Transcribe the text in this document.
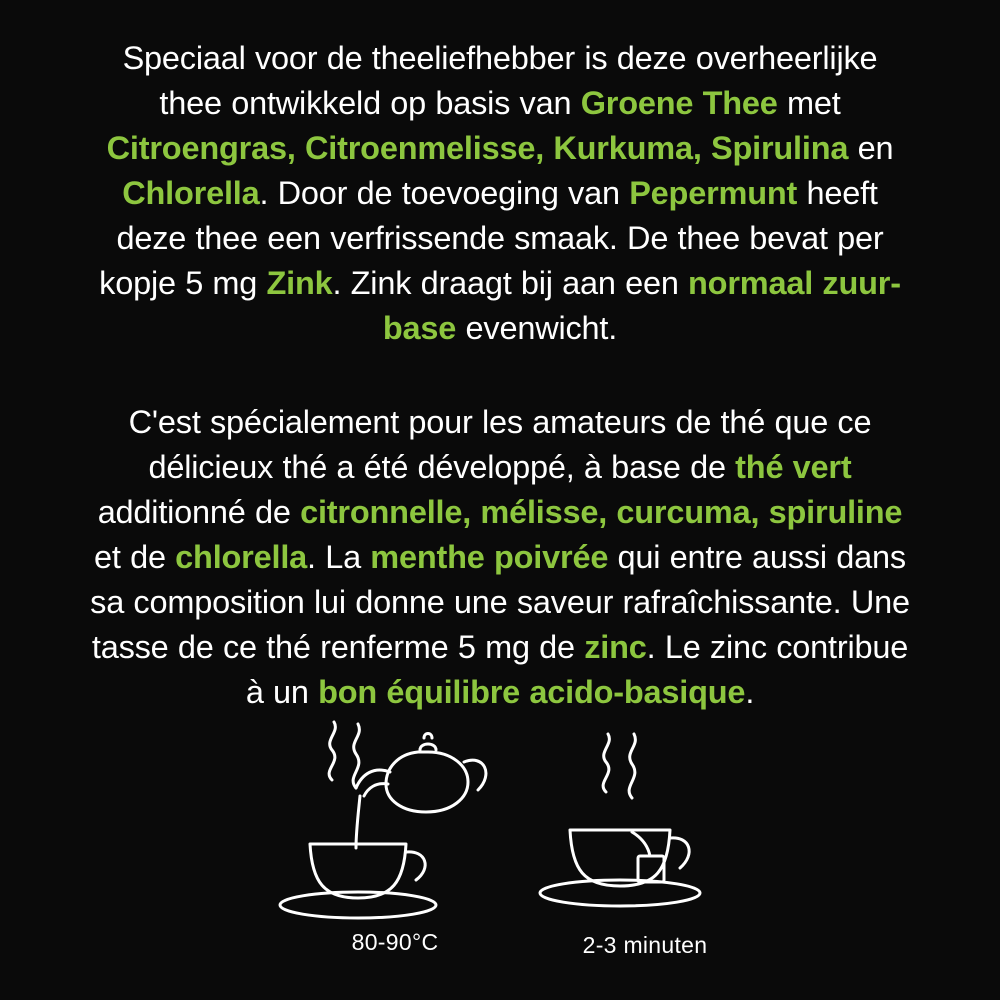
Speciaal voor de theeliefhebber is deze overheerlijke thee ontwikkeld op basis van Groene Thee met Citroengras, Citroenmelisse, Kurkuma, Spirulina en Chlorella. Door de toevoeging van Pepermunt heeft deze thee een verfrissende smaak. De thee bevat per kopje 5 mg Zink. Zink draagt bij aan een normaal zuur-base evenwicht.

C'est spécialement pour les amateurs de thé que ce délicieux thé a été développé, à base de thé vert additionné de citronnelle, mélisse, curcuma, spiruline et de chlorella. La menthe poivrée qui entre aussi dans sa composition lui donne une saveur rafraîchissante. Une tasse de ce thé renferme 5 mg de zinc. Le zinc contribue à un bon équilibre acido-basique.

80-90°C	2-3 minuten
